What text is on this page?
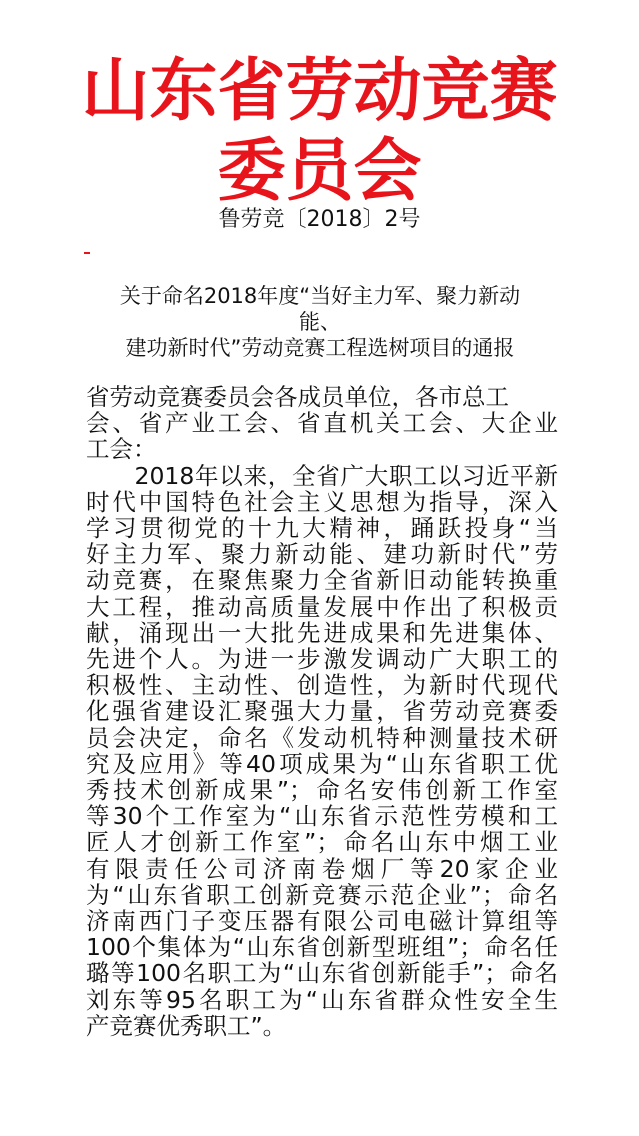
山东省劳动竞赛
委员会
鲁劳竞〔2018〕2号
关于命名2018年度“当好主力军、聚力新动
能、
建功新时代”劳动竞赛工程选树项目的通报
省劳动竞赛委员会各成员单位，各市总工
会、省产业工会、省直机关工会、大企业
工会：
　　2018年以来，全省广大职工以习近平新
时代中国特色社会主义思想为指导，深入
学习贯彻党的十九大精神，踊跃投身“当
好主力军、聚力新动能、建功新时代”劳
动竞赛，在聚焦聚力全省新旧动能转换重
大工程，推动高质量发展中作出了积极贡
献，涌现出一大批先进成果和先进集体、
先进个人。为进一步激发调动广大职工的
积极性、主动性、创造性，为新时代现代
化强省建设汇聚强大力量，省劳动竞赛委
员会决定，命名《发动机特种测量技术研
究及应用》等40项成果为“山东省职工优
秀技术创新成果”；命名安伟创新工作室
等30个工作室为“山东省示范性劳模和工
匠人才创新工作室”；命名山东中烟工业
有限责任公司济南卷烟厂等20家企业
为“山东省职工创新竞赛示范企业”；命名
济南西门子变压器有限公司电磁计算组等
100个集体为“山东省创新型班组”；命名任
璐等100名职工为“山东省创新能手”；命名
刘东等95名职工为“山东省群众性安全生
产竞赛优秀职工”。
